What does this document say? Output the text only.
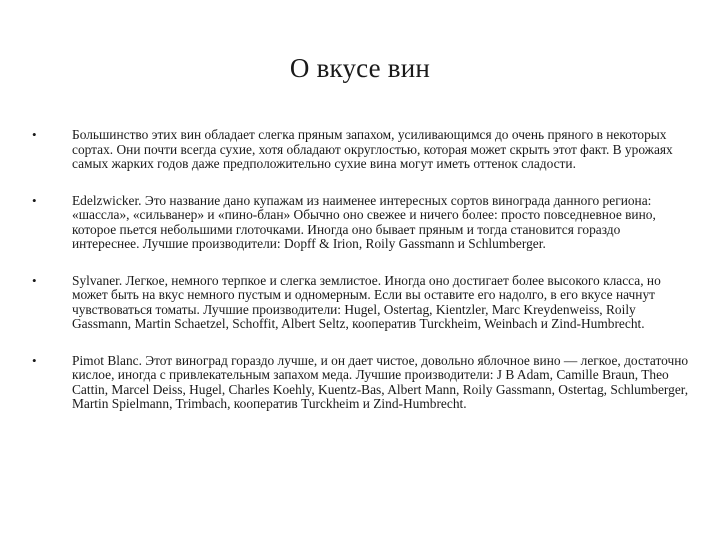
О вкусе вин
•	Большинство этих вин обладает слегка пряным запахом, усиливающимся до очень пряного в некоторых сортах. Они почти всегда сухие, хотя обладают округлостью, которая может скрыть этот факт. В урожаях самых жарких годов даже предположительно сухие вина могут иметь оттенок сладости.
•	Edelzwicker. Это название дано купажам из наименее интересных сортов винограда данного региона: «шассла», «сильванер» и «пино-блан» Обычно оно свежее и ничего более: просто повседневное вино, которое пьется небольшими глоточками. Иногда оно бывает пряным и тогда становится гораздо интереснее. Лучшие производители: Dopff & Irion, Roily Gassmann и Schlumberger.
•	Sylvaner. Легкое, немного терпкое и слегка землистое. Иногда оно достигает более высокого класса, но может быть на вкус немного пустым и одномерным. Если вы оставите его надолго, в его вкусе начнут чувствоваться томаты. Лучшие производители: Hugel, Ostertag, Kientzler, Marc Kreydenweiss, Roily Gassmann, Martin Schaetzel, Schoffit, Albert Seltz, кооператив Turckheim, Weinbach и Zind-Humbrecht.
•	Pimot Blanc. Этот виноград гораздо лучше, и он дает чистое, довольно яблочное вино — легкое, достаточно кислое, иногда с привлекательным запахом меда. Лучшие производители: J B Adam, Camille Braun, Theo Cattin, Marcel Deiss, Hugel, Charles Koehly, Kuentz-Bas, Albert Mann, Roily Gassmann, Ostertag, Schlumberger, Martin Spielmann, Trimbach, кооператив Turckheim и Zind-Humbrecht.
